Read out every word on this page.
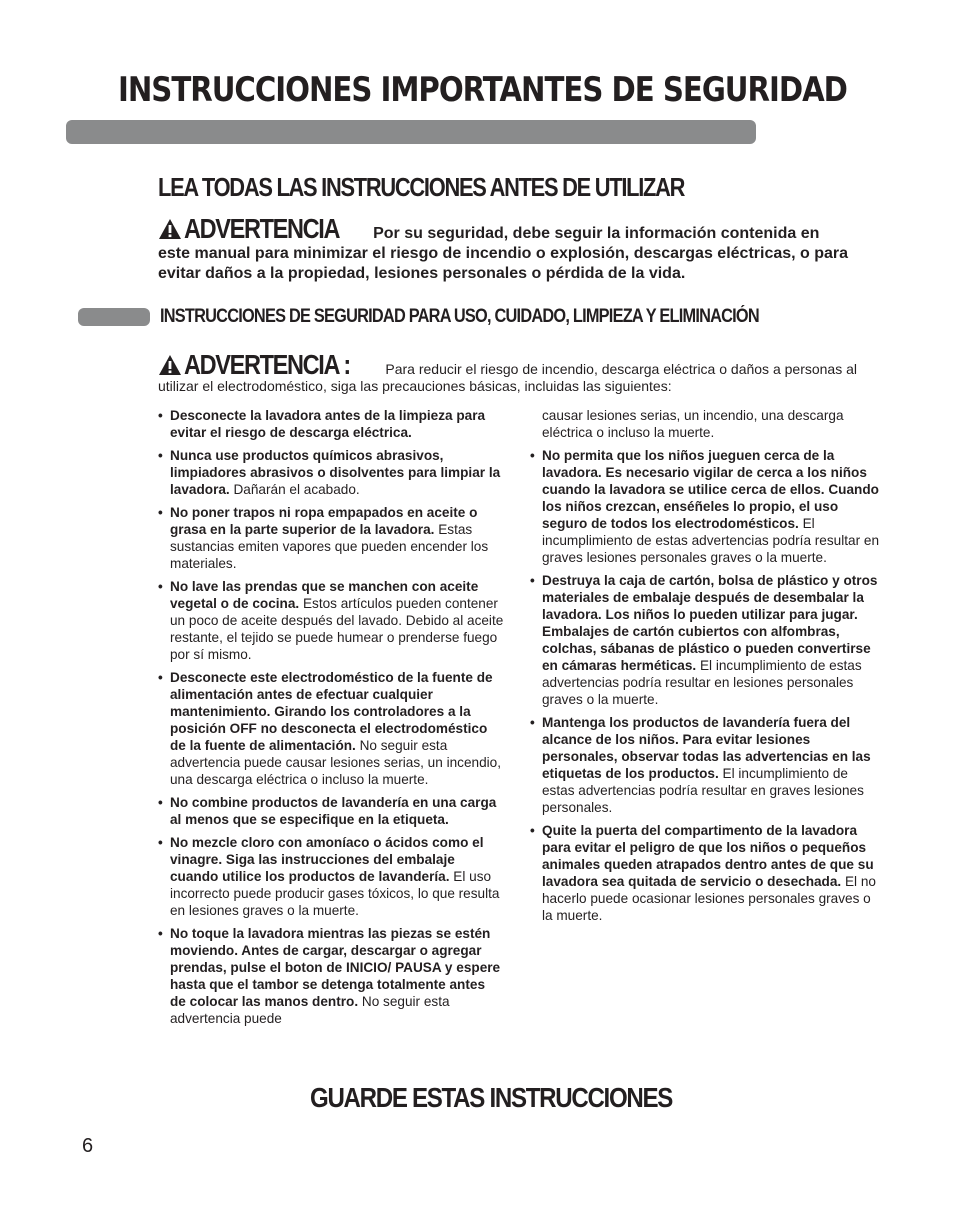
INSTRUCCIONES IMPORTANTES DE SEGURIDAD
LEA TODAS LAS INSTRUCCIONES ANTES DE UTILIZAR
ADVERTENCIA Por su seguridad, debe seguir la información contenida en
este manual para minimizar el riesgo de incendio o explosión, descargas eléctricas, o para evitar daños a la propiedad, lesiones personales o pérdida de la vida.
INSTRUCCIONES DE SEGURIDAD PARA USO, CUIDADO, LIMPIEZA Y ELIMINACIÓN
ADVERTENCIA :	Para reducir el riesgo de incendio, descarga eléctrica o daños a personas al utilizar el electrodoméstico, siga las precauciones básicas, incluidas las siguientes:
• Desconecte la lavadora antes de la limpieza para evitar el riesgo de descarga eléctrica.
• Nunca use productos químicos abrasivos, limpiadores abrasivos o disolventes para limpiar la lavadora. Dañarán el acabado.
• No poner trapos ni ropa empapados en aceite o grasa en la parte superior de la lavadora. Estas sustancias emiten vapores que pueden encender los materiales.
• No lave las prendas que se manchen con aceite vegetal o de cocina. Estos artículos pueden contener un poco de aceite después del lavado. Debido al aceite restante, el tejido se puede humear o prenderse fuego por sí mismo.
• Desconecte este electrodoméstico de la fuente de alimentación antes de efectuar cualquier mantenimiento. Girando los controladores a la posición OFF no desconecta el electrodoméstico de la fuente de alimentación. No seguir esta advertencia puede causar lesiones serias, un incendio, una descarga eléctrica o incluso la muerte.
• No combine productos de lavandería en una carga al menos que se especifique en la etiqueta.
• No mezcle cloro con amoníaco o ácidos como el vinagre. Siga las instrucciones del embalaje cuando utilice los productos de lavandería. El uso incorrecto puede producir gases tóxicos, lo que resulta en lesiones graves o la muerte.
• No toque la lavadora mientras las piezas se estén moviendo. Antes de cargar, descargar o agregar prendas, pulse el boton de INICIO/ PAUSA y espere hasta que el tambor se detenga totalmente antes de colocar las manos dentro. No seguir esta advertencia puede
causar lesiones serias, un incendio, una descarga eléctrica o incluso la muerte.
• No permita que los niños jueguen cerca de la lavadora. Es necesario vigilar de cerca a los niños cuando la lavadora se utilice cerca de ellos. Cuando los niños crezcan, enséñeles lo propio, el uso seguro de todos los electrodomésticos. El incumplimiento de estas advertencias podría resultar en graves lesiones personales graves o la muerte.
• Destruya la caja de cartón, bolsa de plástico y otros materiales de embalaje después de desembalar la lavadora. Los niños lo pueden utilizar para jugar. Embalajes de cartón cubiertos con alfombras, colchas, sábanas de plástico o pueden convertirse en cámaras herméticas. El incumplimiento de estas advertencias podría resultar en lesiones personales graves o la muerte.
• Mantenga los productos de lavandería fuera del alcance de los niños. Para evitar lesiones personales, observar todas las advertencias en las etiquetas de los productos. El incumplimiento de estas advertencias podría resultar en graves lesiones personales.
• Quite la puerta del compartimento de la lavadora para evitar el peligro de que los niños o pequeños animales queden atrapados dentro antes de que su lavadora sea quitada de servicio o desechada. El no hacerlo puede ocasionar lesiones personales graves o la muerte.
GUARDE ESTAS INSTRUCCIONES
6
